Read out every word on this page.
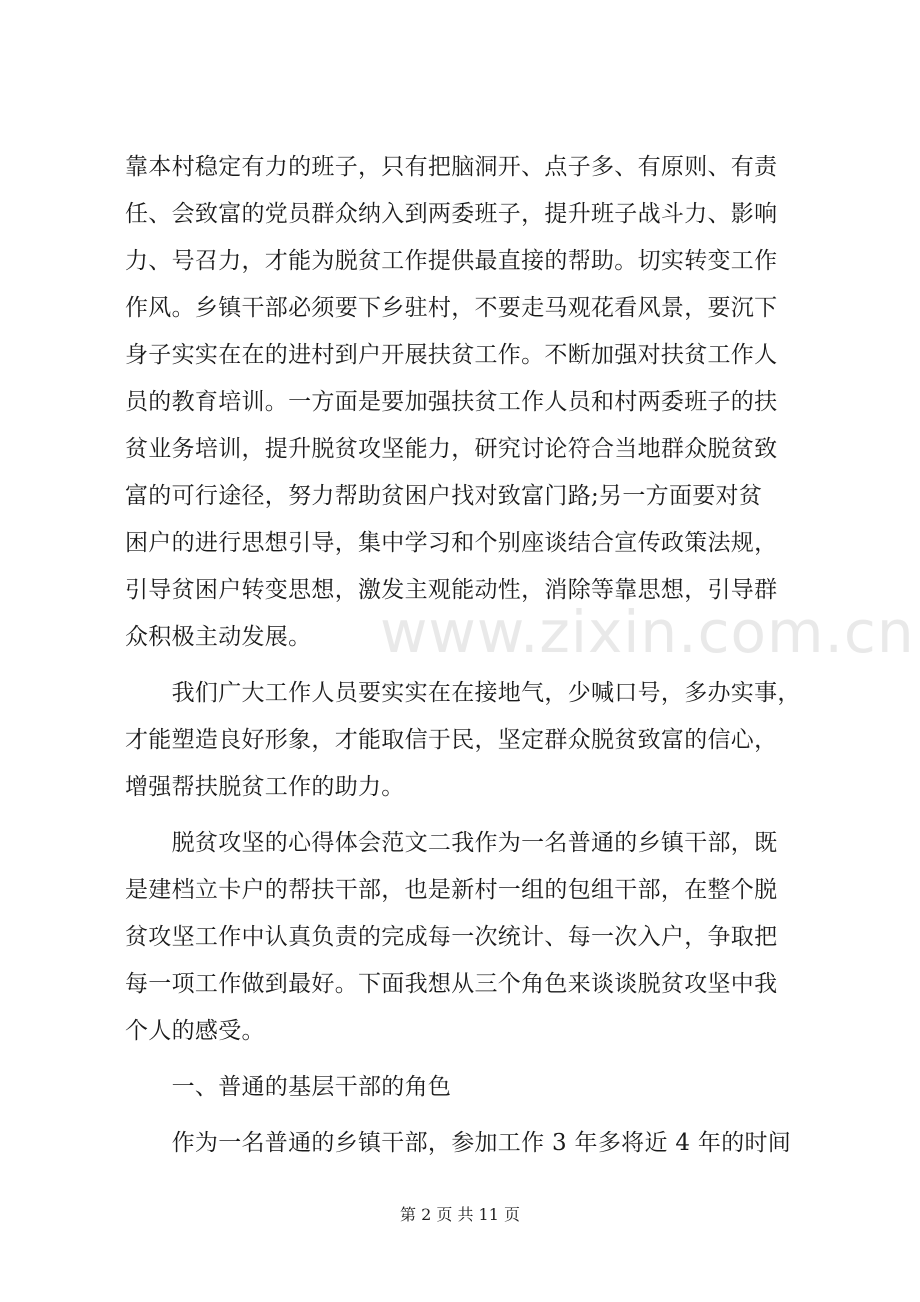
www.zixin.com.cn
靠本村稳定有力的班子，只有把脑洞开、点子多、有原则、有责
任、会致富的党员群众纳入到两委班子，提升班子战斗力、影响
力、号召力，才能为脱贫工作提供最直接的帮助。切实转变工作
作风。乡镇干部必须要下乡驻村，不要走马观花看风景，要沉下
身子实实在在的进村到户开展扶贫工作。不断加强对扶贫工作人
员的教育培训。一方面是要加强扶贫工作人员和村两委班子的扶
贫业务培训，提升脱贫攻坚能力，研究讨论符合当地群众脱贫致
富的可行途径，努力帮助贫困户找对致富门路;另一方面要对贫
困户的进行思想引导，集中学习和个别座谈结合宣传政策法规，
引导贫困户转变思想，激发主观能动性，消除等靠思想，引导群
众积极主动发展。
　　我们广大工作人员要实实在在接地气，少喊口号，多办实事，
才能塑造良好形象，才能取信于民，坚定群众脱贫致富的信心，
增强帮扶脱贫工作的助力。
　　脱贫攻坚的心得体会范文二我作为一名普通的乡镇干部，既
是建档立卡户的帮扶干部，也是新村一组的包组干部，在整个脱
贫攻坚工作中认真负责的完成每一次统计、每一次入户，争取把
每一项工作做到最好。下面我想从三个角色来谈谈脱贫攻坚中我
个人的感受。
　　一、普通的基层干部的角色
　　作为一名普通的乡镇干部，参加工作 3 年多将近 4 年的时间
第 2 页 共 11 页
